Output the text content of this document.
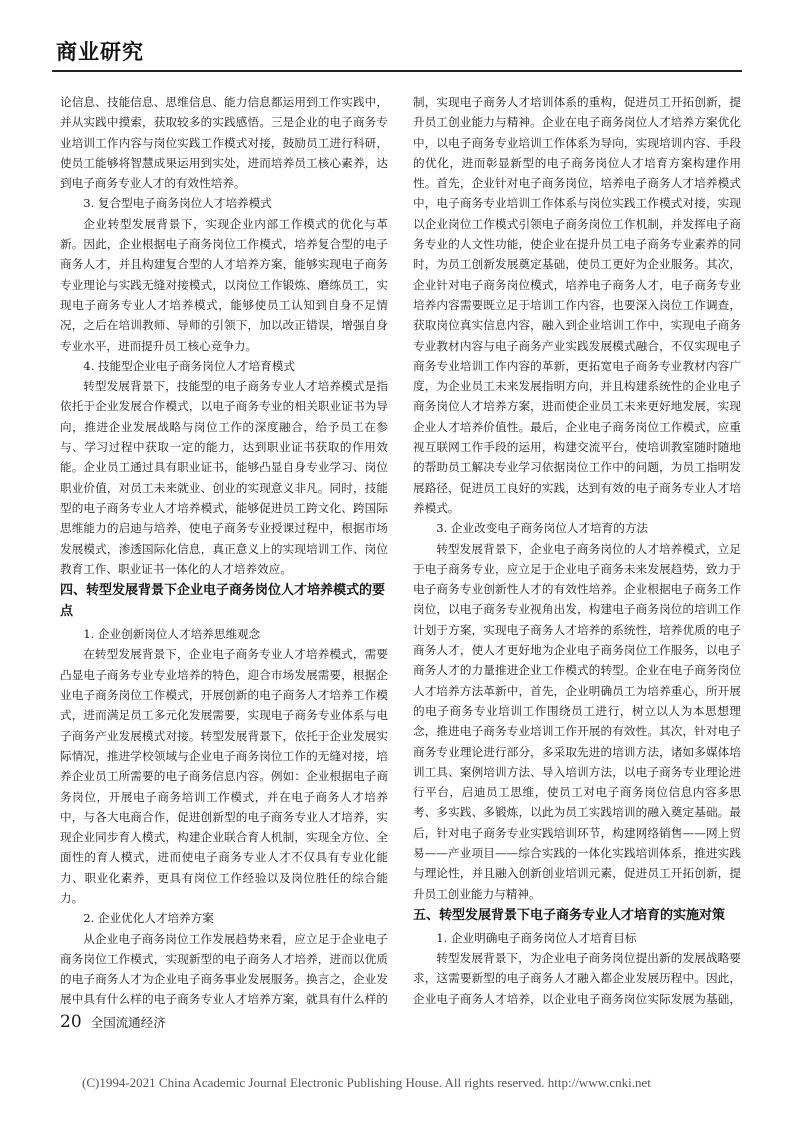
商业研究

论信息、技能信息、思维信息、能力信息都运用到工作实践中，并从实践中摸索，获取较多的实践感悟。三是企业的电子商务专业培训工作内容与岗位实践工作模式对接，鼓励员工进行科研，使员工能够将智慧成果运用到实处，进而培养员工核心素养，达到电子商务专业人才的有效性培养。

3. 复合型电子商务岗位人才培养模式

企业转型发展背景下，实现企业内部工作模式的优化与革新。因此，企业根据电子商务岗位工作模式，培养复合型的电子商务人才，并且构建复合型的人才培养方案，能够实现电子商务专业理论与实践无缝对接模式，以岗位工作锻炼、磨练员工，实现电子商务专业人才培养模式，能够使员工认知到自身不足情况，之后在培训教师、导师的引领下，加以改正错误，增强自身专业水平，进而提升员工核心竞争力。

4. 技能型企业电子商务岗位人才培育模式

转型发展背景下，技能型的电子商务专业人才培养模式是指依托于企业发展合作模式，以电子商务专业的相关职业证书为导向，推进企业发展战略与岗位工作的深度融合，给予员工在参与、学习过程中获取一定的能力，达到职业证书获取的作用效能。企业员工通过具有职业证书，能够凸显自身专业学习、岗位职业价值，对员工未来就业、创业的实现意义非凡。同时，技能型的电子商务专业人才培养模式，能够促进员工跨文化、跨国际思维能力的启迪与培养，使电子商务专业授课过程中，根据市场发展模式，渗透国际化信息，真正意义上的实现培训工作、岗位教育工作、职业证书一体化的人才培养效应。

四、转型发展背景下企业电子商务岗位人才培养模式的要点
1. 企业创新岗位人才培养思维观念

在转型发展背景下，企业电子商务专业人才培养模式，需要凸显电子商务专业专业培养的特色，迎合市场发展需要，根据企业电子商务岗位工作模式，开展创新的电子商务人才培养工作模式，进而满足员工多元化发展需要，实现电子商务专业体系与电子商务产业发展模式对接。转型发展背景下，依托于企业发展实际情况，推进学校领域与企业电子商务岗位工作的无缝对接，培养企业员工所需要的电子商务信息内容。例如：企业根据电子商务岗位，开展电子商务培训工作模式，并在电子商务人才培养中，与各大电商合作，促进创新型的电子商务专业人才培养，实现企业同步育人模式，构建企业联合育人机制，实现全方位、全面性的育人模式，进而使电子商务专业人才不仅具有专业化能力、职业化素养，更具有岗位工作经验以及岗位胜任的综合能力。

2. 企业优化人才培养方案

从企业电子商务岗位工作发展趋势来看，应立足于企业电子商务岗位工作模式，实现新型的电子商务人才培养，进而以优质的电子商务人才为企业电子商务事业发展服务。换言之，企业发展中具有什么样的电子商务专业人才培养方案，就具有什么样的

制，实现电子商务人才培训体系的重构，促进员工开拓创新，提升员工创业能力与精神。企业在电子商务岗位人才培养方案优化中，以电子商务专业培训工作体系为导向，实现培训内容、手段的优化，进而彰显新型的电子商务岗位人才培育方案构建作用性。首先，企业针对电子商务岗位，培养电子商务人才培养模式中，电子商务专业培训工作体系与岗位实践工作模式对接，实现以企业岗位工作模式引领电子商务岗位工作机制，并发挥电子商务专业的人文性功能，使企业在提升员工电子商务专业素养的同时，为员工创新发展奠定基础，使员工更好为企业服务。其次，企业针对电子商务岗位模式，培养电子商务人才，电子商务专业培养内容需要既立足于培训工作内容，也要深入岗位工作调查，获取岗位真实信息内容，融入到企业培训工作中，实现电子商务专业教材内容与电子商务产业实践发展模式融合，不仅实现电子商务专业培训工作内容的革新，更拓宽电子商务专业教材内容广度，为企业员工未来发展指明方向，并且构建系统性的企业电子商务岗位人才培养方案，进而使企业员工未来更好地发展，实现企业人才培养价值性。最后，企业电子商务岗位工作模式，应重视互联网工作手段的运用，构建交流平台，使培训教室随时随地的帮助员工解决专业学习依据岗位工作中的问题，为员工指明发展路径，促进员工良好的实践，达到有效的电子商务专业人才培养模式。

3. 企业改变电子商务岗位人才培育的方法

转型发展背景下，企业电子商务岗位的人才培养模式，立足于电子商务专业，应立足于企业电子商务未来发展趋势，致力于电子商务专业创新性人才的有效性培养。企业根据电子商务工作岗位，以电子商务专业视角出发，构建电子商务岗位的培训工作计划于方案，实现电子商务人才培养的系统性，培养优质的电子商务人才，使人才更好地为企业电子商务岗位工作服务，以电子商务人才的力量推进企业工作模式的转型。企业在电子商务岗位人才培养方法革新中，首先，企业明确员工为培养重心，所开展的电子商务专业培训工作围绕员工进行，树立以人为本思想理念，推进电子商务专业培训工作开展的有效性。其次，针对电子商务专业理论进行部分，多采取先进的培训方法，诸如多媒体培训工具、案例培训方法、导入培训方法，以电子商务专业理论进行平台，启迪员工思维，使员工对电子商务岗位信息内容多思考、多实践、多锻炼，以此为员工实践培训的融入奠定基础。最后，针对电子商务专业实践培训环节，构建网络销售——网上贸易——产业项目——综合实践的一体化实践培训体系，推进实践与理论性，并且融入创新创业培训元素，促进员工开拓创新，提升员工创业能力与精神。

五、转型发展背景下电子商务专业人才培育的实施对策
1. 企业明确电子商务岗位人才培育目标

转型发展背景下，为企业电子商务岗位提出新的发展战略要求，这需要新型的电子商务人才融入都企业发展历程中。因此，企业电子商务人才培养，以企业电子商务岗位实际发展为基础，

20 全国流通经济
(C)1994-2021 China Academic Journal Electronic Publishing House. All rights reserved. http://www.cnki.net
